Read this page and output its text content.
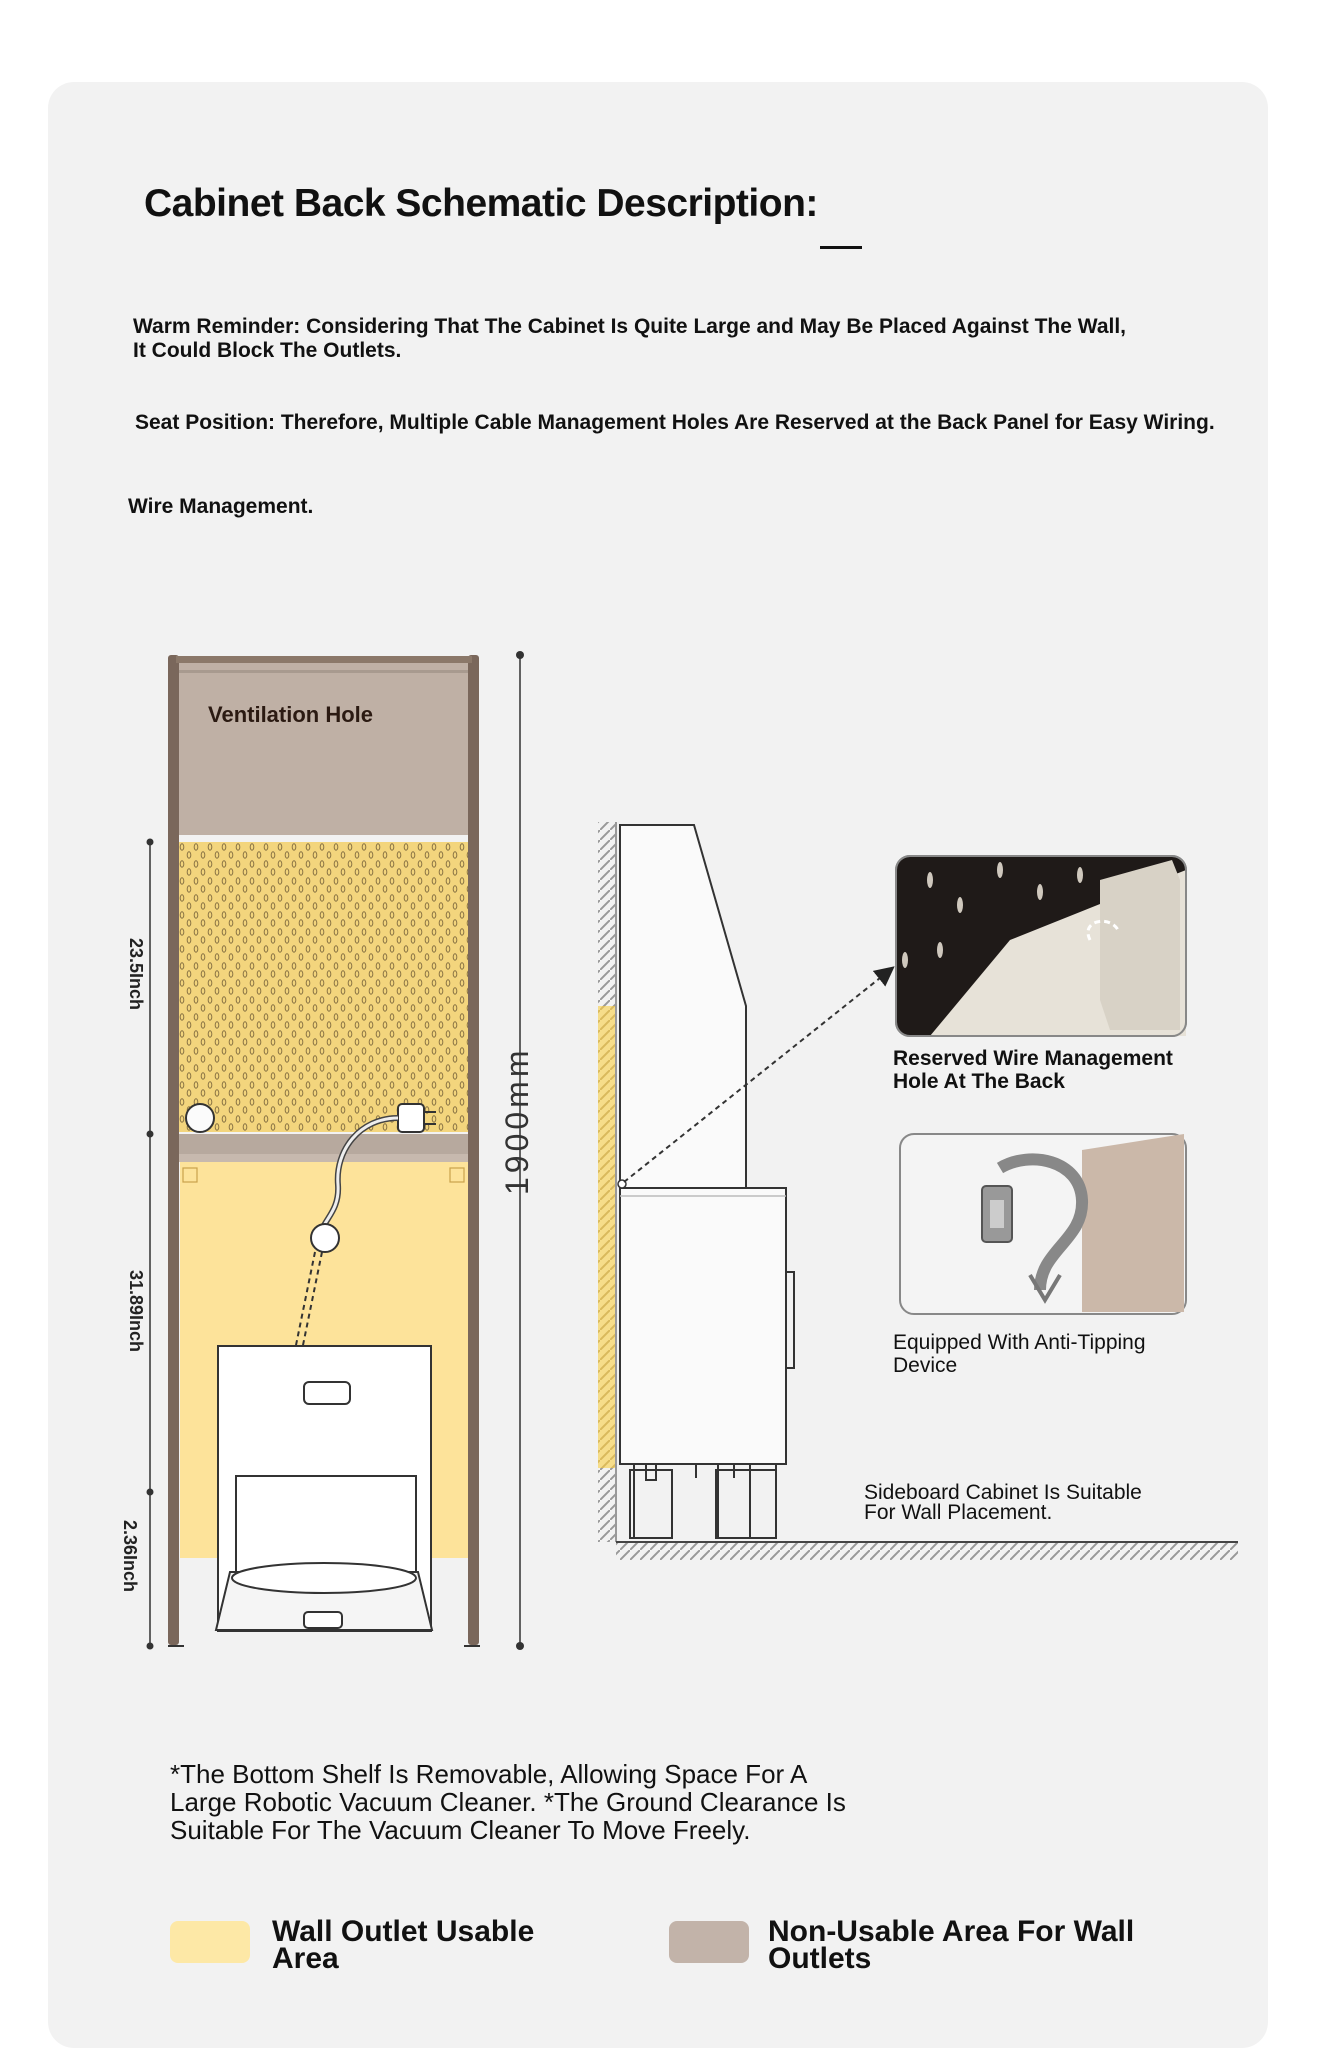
Cabinet Back Schematic Description:
Warm Reminder: Considering That The Cabinet Is Quite Large and May Be Placed Against The Wall,
It Could Block The Outlets.
Seat Position: Therefore, Multiple Cable Management Holes Are Reserved at the Back Panel for Easy Wiring.
Wire Management.
Ventilation Hole
23.5Inch
31.89Inch
2.36Inch
1900mm	Reserved Wire Management
Hole At The Back
Equipped With Anti-Tipping
Device
Sideboard Cabinet Is Suitable
For Wall Placement.
*The Bottom Shelf Is Removable, Allowing Space For A Large Robotic Vacuum Cleaner. *The Ground Clearance Is Suitable For The Vacuum Cleaner To Move Freely.
Wall Outlet Usable
Area
Non-Usable Area For Wall
Outlets
